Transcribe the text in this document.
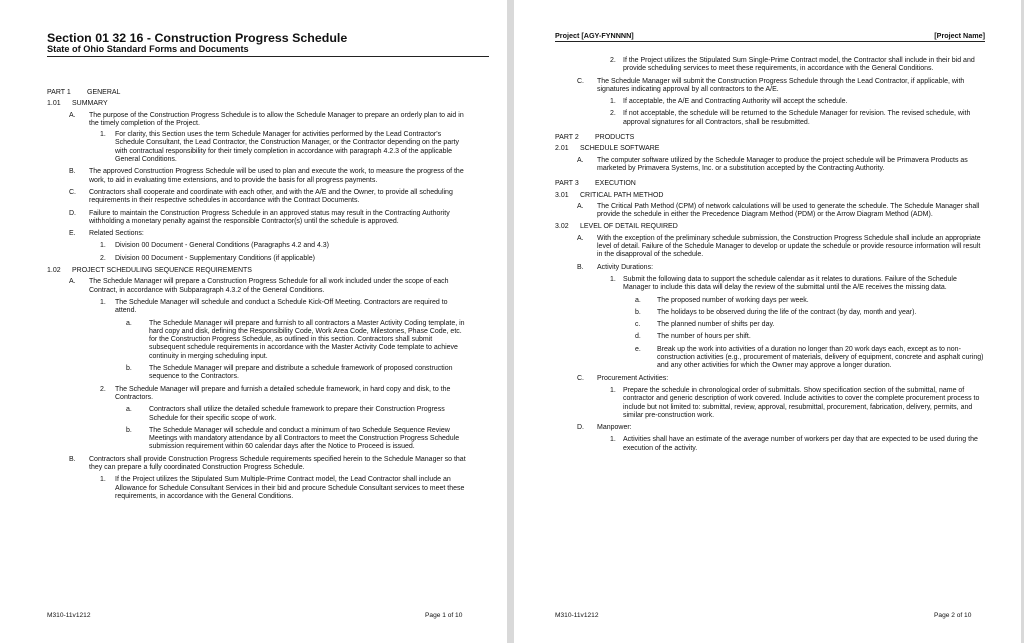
Section 01 32 16 - Construction Progress Schedule
State of Ohio Standard Forms and Documents
PART 1 GENERAL
1.01 SUMMARY
A. The purpose of the Construction Progress Schedule is to allow the Schedule Manager to prepare an orderly plan to aid in the timely completion of the Project.
1. For clarity, this Section uses the term Schedule Manager for activities performed by the Lead Contractor's Schedule Consultant, the Lead Contractor, the Construction Manager, or the Contractor depending on the party with contractual responsibility for their timely completion in accordance with paragraph 4.2.3 of the applicable General Conditions.
B. The approved Construction Progress Schedule will be used to plan and execute the work, to measure the progress of the work, to aid in evaluating time extensions, and to provide the basis for all progress payments.
C. Contractors shall cooperate and coordinate with each other, and with the A/E and the Owner, to provide all scheduling requirements in their respective schedules in accordance with the Contract Documents.
D. Failure to maintain the Construction Progress Schedule in an approved status may result in the Contracting Authority withholding a monetary penalty against the responsible Contractor(s) until the schedule is approved.
E. Related Sections:
1. Division 00 Document - General Conditions (Paragraphs 4.2 and 4.3)
2. Division 00 Document - Supplementary Conditions (if applicable)
1.02 PROJECT SCHEDULING SEQUENCE REQUIREMENTS
A. The Schedule Manager will prepare a Construction Progress Schedule for all work included under the scope of each Contract, in accordance with Subparagraph 4.3.2 of the General Conditions.
1. The Schedule Manager will schedule and conduct a Schedule Kick-Off Meeting. Contractors are required to attend.
a. The Schedule Manager will prepare and furnish to all contractors a Master Activity Coding template, in hard copy and disk, defining the Responsibility Code, Work Area Code, Milestones, Phase Code, etc. for the Construction Progress Schedule, as outlined in this section. Contractors shall submit subsequent schedule requirements in accordance with the Master Activity Code template to achieve continuity in merging scheduling input.
b. The Schedule Manager will prepare and distribute a schedule framework of proposed construction sequence to the Contractors.
2. The Schedule Manager will prepare and furnish a detailed schedule framework, in hard copy and disk, to the Contractors.
a. Contractors shall utilize the detailed schedule framework to prepare their Construction Progress Schedule for their specific scope of work.
b. The Schedule Manager will schedule and conduct a minimum of two Schedule Sequence Review Meetings with mandatory attendance by all Contractors to meet the Construction Progress Schedule submission requirement within 60 calendar days after the Notice to Proceed is issued.
B. Contractors shall provide Construction Progress Schedule requirements specified herein to the Schedule Manager so that they can prepare a fully coordinated Construction Progress Schedule.
1. If the Project utilizes the Stipulated Sum Multiple-Prime Contract model, the Lead Contractor shall include an Allowance for Schedule Consultant Services in their bid and procure Schedule Consultant services to meet these requirements, in accordance with the General Conditions.
M310-11v1212	Page 1 of 10
Project [AGY-FYNNNN]	[Project Name]
2. If the Project utilizes the Stipulated Sum Single-Prime Contract model, the Contractor shall include in their bid and provide scheduling services to meet these requirements, in accordance with the General Conditions.
C. The Schedule Manager will submit the Construction Progress Schedule through the Lead Contractor, if applicable, with signatures indicating approval by all contractors to the A/E.
1. If acceptable, the A/E and Contracting Authority will accept the schedule.
2. If not acceptable, the schedule will be returned to the Schedule Manager for revision. The revised schedule, with approval signatures for all Contractors, shall be resubmitted.
PART 2 PRODUCTS
2.01 SCHEDULE SOFTWARE
A. The computer software utilized by the Schedule Manager to produce the project schedule will be Primavera Products as marketed by Primavera Systems, Inc. or a substitution accepted by the Contracting Authority.
PART 3 EXECUTION
3.01 CRITICAL PATH METHOD
A. The Critical Path Method (CPM) of network calculations will be used to generate the schedule. The Schedule Manager shall provide the schedule in either the Precedence Diagram Method (PDM) or the Arrow Diagram Method (ADM).
3.02 LEVEL OF DETAIL REQUIRED
A. With the exception of the preliminary schedule submission, the Construction Progress Schedule shall include an appropriate level of detail. Failure of the Schedule Manager to develop or update the schedule or provide resource information will result in the disapproval of the schedule.
B. Activity Durations:
1. Submit the following data to support the schedule calendar as it relates to durations. Failure of the Schedule Manager to include this data will delay the review of the submittal until the A/E receives the missing data.
a. The proposed number of working days per week.
b. The holidays to be observed during the life of the contract (by day, month and year).
c. The planned number of shifts per day.
d. The number of hours per shift.
e. Break up the work into activities of a duration no longer than 20 work days each, except as to non-construction activities (e.g., procurement of materials, delivery of equipment, concrete and asphalt curing) and any other activities for which the Owner may approve a longer duration.
C. Procurement Activities:
1. Prepare the schedule in chronological order of submittals. Show specification section of the submittal, name of contractor and generic description of work covered. Include activities to cover the complete procurement process to include but not limited to: submittal, review, approval, resubmittal, procurement, fabrication, delivery, permits, and similar pre-construction work.
D. Manpower:
1. Activities shall have an estimate of the average number of workers per day that are expected to be used during the execution of the activity.
M310-11v1212	Page 2 of 10
